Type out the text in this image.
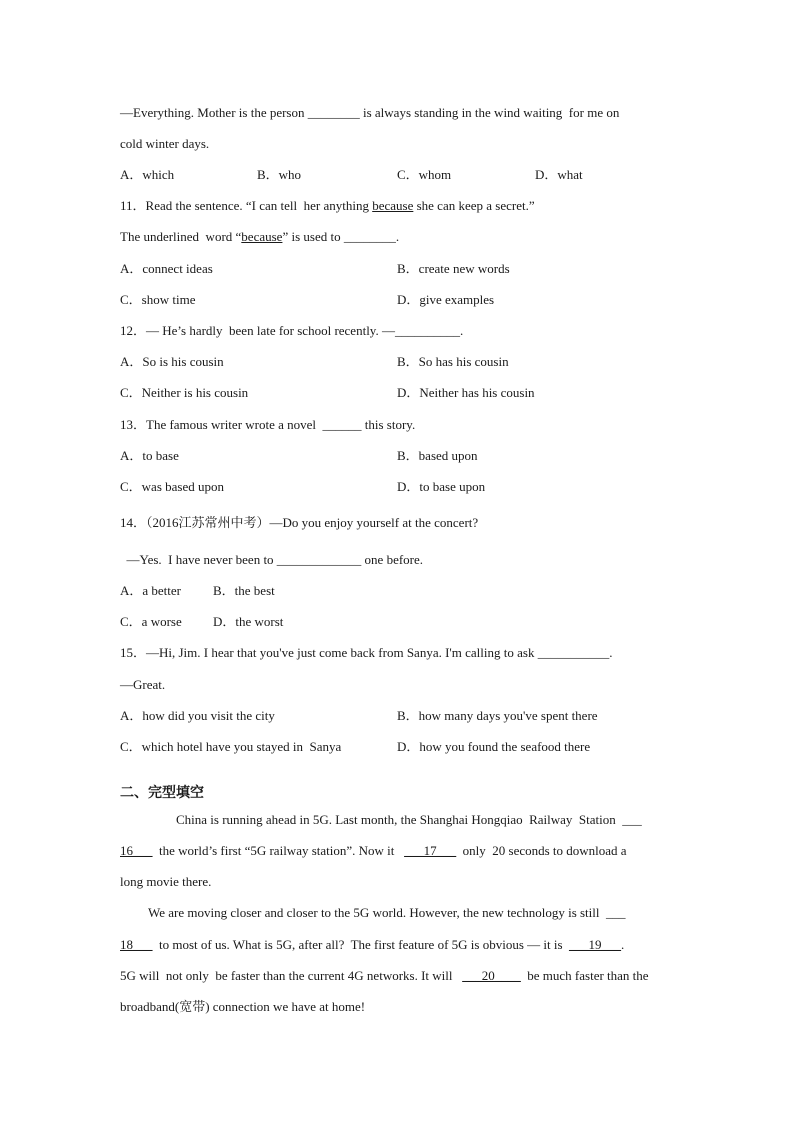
—Everything. Mother is the person ________ is always standing in the wind waiting  for me on
cold winter days.
A．which	B．who	C．whom	D．what
11．Read the sentence. “I can tell  her anything because she can keep a secret.”
The underlined  word “because” is used to ________.
A．connect ideas	B．create new words
C．show time	D．give examples
12．— He’s hardly  been late for school recently. —__________.
A．So is his cousin	B．So has his cousin
C．Neither is his cousin	D．Neither has his cousin
13．The famous writer wrote a novel  ______ this story.
A．to base	B．based upon
C．was based upon	D．to base upon
14．（2016江苏常州中考）—Do you enjoy yourself at the concert?
—Yes.  I have never been to _____________ one before.
A．a better B．the best
C．a worse D．the worst
15．—Hi, Jim. I hear that you've just come back from Sanya. I'm calling to ask ___________.
—Great.
A．how did you visit the city	B．how many days you've spent there
C．which hotel have you stayed in  Sanya	D．how you found the seafood there
二、完型填空
China is running ahead in 5G. Last month, the Shanghai Hongqiao  Railway  Station  ___
16___  the world’s first “5G railway station”. Now it   ___17___  only  20 seconds to download a
long movie there.
We are moving closer and closer to the 5G world. However, the new technology is still  ___
18___  to most of us. What is 5G, after all?  The first feature of 5G is obvious — it is  ___19___.
5G will  not only  be faster than the current 4G networks. It will   ___20____  be much faster than the
broadband(宽带) connection we have at home!
